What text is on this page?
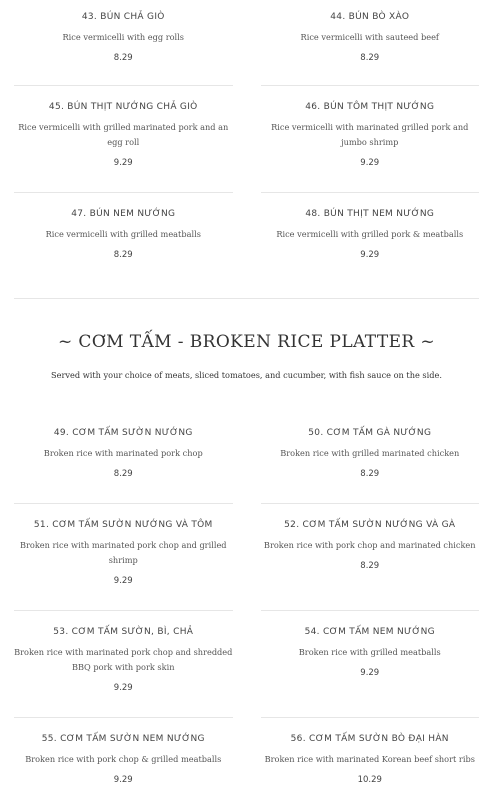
43. BÚN CHẢ GIÒ
Rice vermicelli with egg rolls
8.29
44. BÚN BÒ XÀO
Rice vermicelli with sauteed beef
8.29
45. BÚN THỊT NƯỚNG CHẢ GIÒ
Rice vermicelli with grilled marinated pork and an egg roll
9.29
46. BÚN TÔM THỊT NƯỚNG
Rice vermicelli with marinated grilled pork and jumbo shrimp
9.29
47. BÚN NEM NƯỚNG
Rice vermicelli with grilled meatballs
8.29
48. BÚN THỊT NEM NƯỚNG
Rice vermicelli with grilled pork & meatballs
9.29
~ CƠM TẤM - BROKEN RICE PLATTER ~
Served with your choice of meats, sliced tomatoes, and cucumber, with fish sauce on the side.
49. CƠM TẤM SƯỜN NƯỚNG
Broken rice with marinated pork chop
8.29
50. CƠM TẤM GÀ NƯỚNG
Broken rice with grilled marinated chicken
8.29
51. CƠM TẤM SƯỜN NƯỚNG VÀ TÔM
Broken rice with marinated pork chop and grilled shrimp
9.29
52. CƠM TẤM SƯỜN NƯỚNG VÀ GÀ
Broken rice with pork chop and marinated chicken
8.29
53. CƠM TẤM SƯỜN, BÌ, CHẢ
Broken rice with marinated pork chop and shredded BBQ pork with pork skin
9.29
54. CƠM TẤM NEM NƯỚNG
Broken rice with grilled meatballs
9.29
55. CƠM TẤM SƯỜN NEM NƯỚNG
Broken rice with pork chop & grilled meatballs
9.29
56. CƠM TẤM SƯỜN BÒ ĐẠI HÀN
Broken rice with marinated Korean beef short ribs
10.29
